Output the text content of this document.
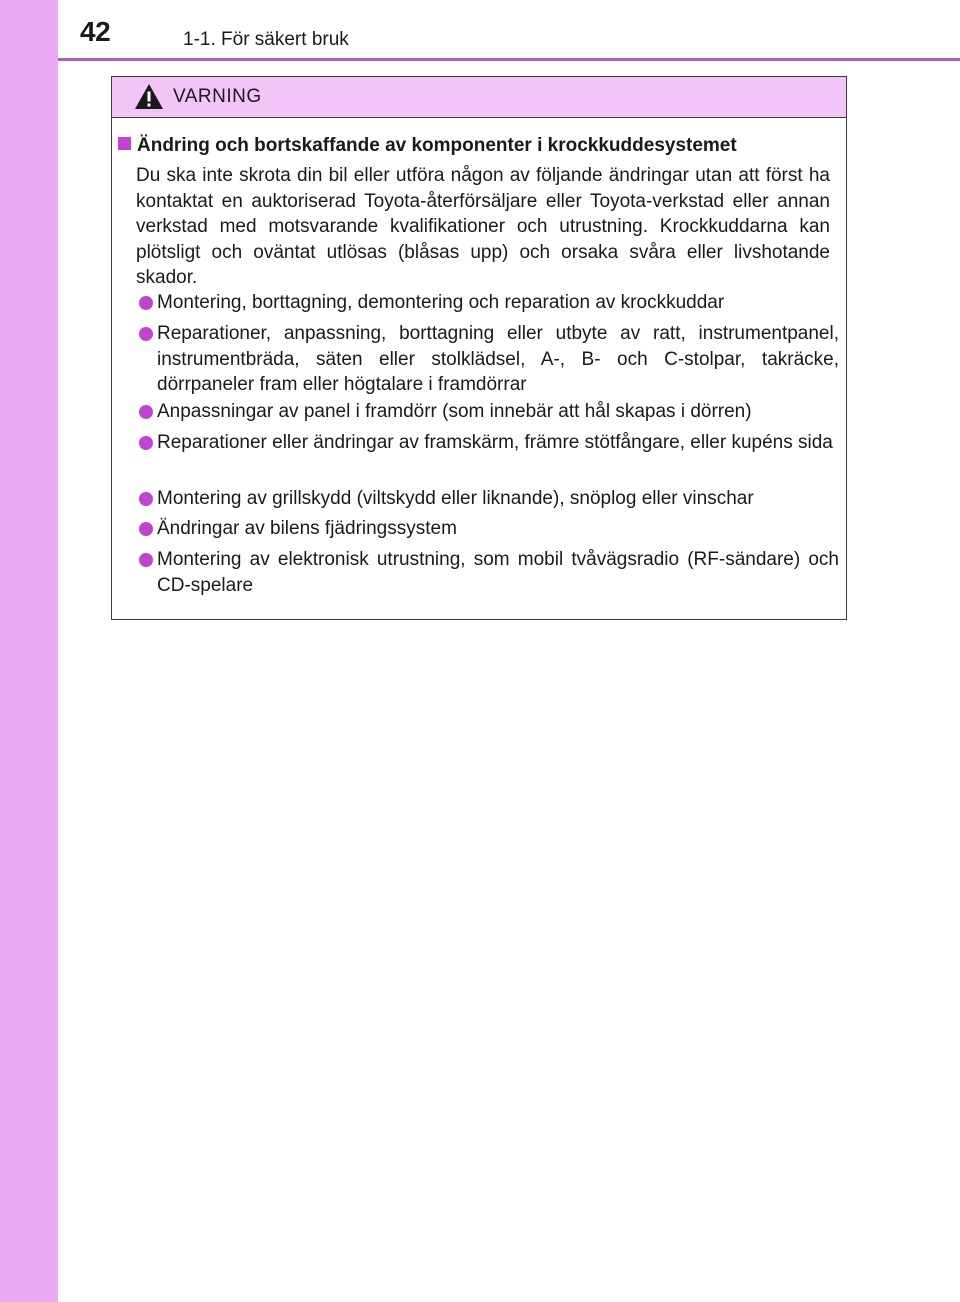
42	1-1. För säkert bruk
VARNING
Ändring och bortskaffande av komponenter i krockkuddesystemet
Du ska inte skrota din bil eller utföra någon av följande ändringar utan att först ha kontaktat en auktoriserad Toyota-återförsäljare eller Toyota-verkstad eller annan verkstad med motsvarande kvalifikationer och utrustning. Krockkuddarna kan plötsligt och oväntat utlösas (blåsas upp) och orsaka svåra eller livshotande skador.
Montering, borttagning, demontering och reparation av krockkuddar
Reparationer, anpassning, borttagning eller utbyte av ratt, instrumentpanel, instrumentbräda, säten eller stolklädsel, A-, B- och C-stolpar, takräcke, dörrpaneler fram eller högtalare i framdörrar
Anpassningar av panel i framdörr (som innebär att hål skapas i dörren)
Reparationer eller ändringar av framskärm, främre stötfångare, eller kupéns sida
Montering av grillskydd (viltskydd eller liknande), snöplog eller vinschar
Ändringar av bilens fjädringssystem
Montering av elektronisk utrustning, som mobil tvåvägsradio (RF-sändare) och CD-spelare
